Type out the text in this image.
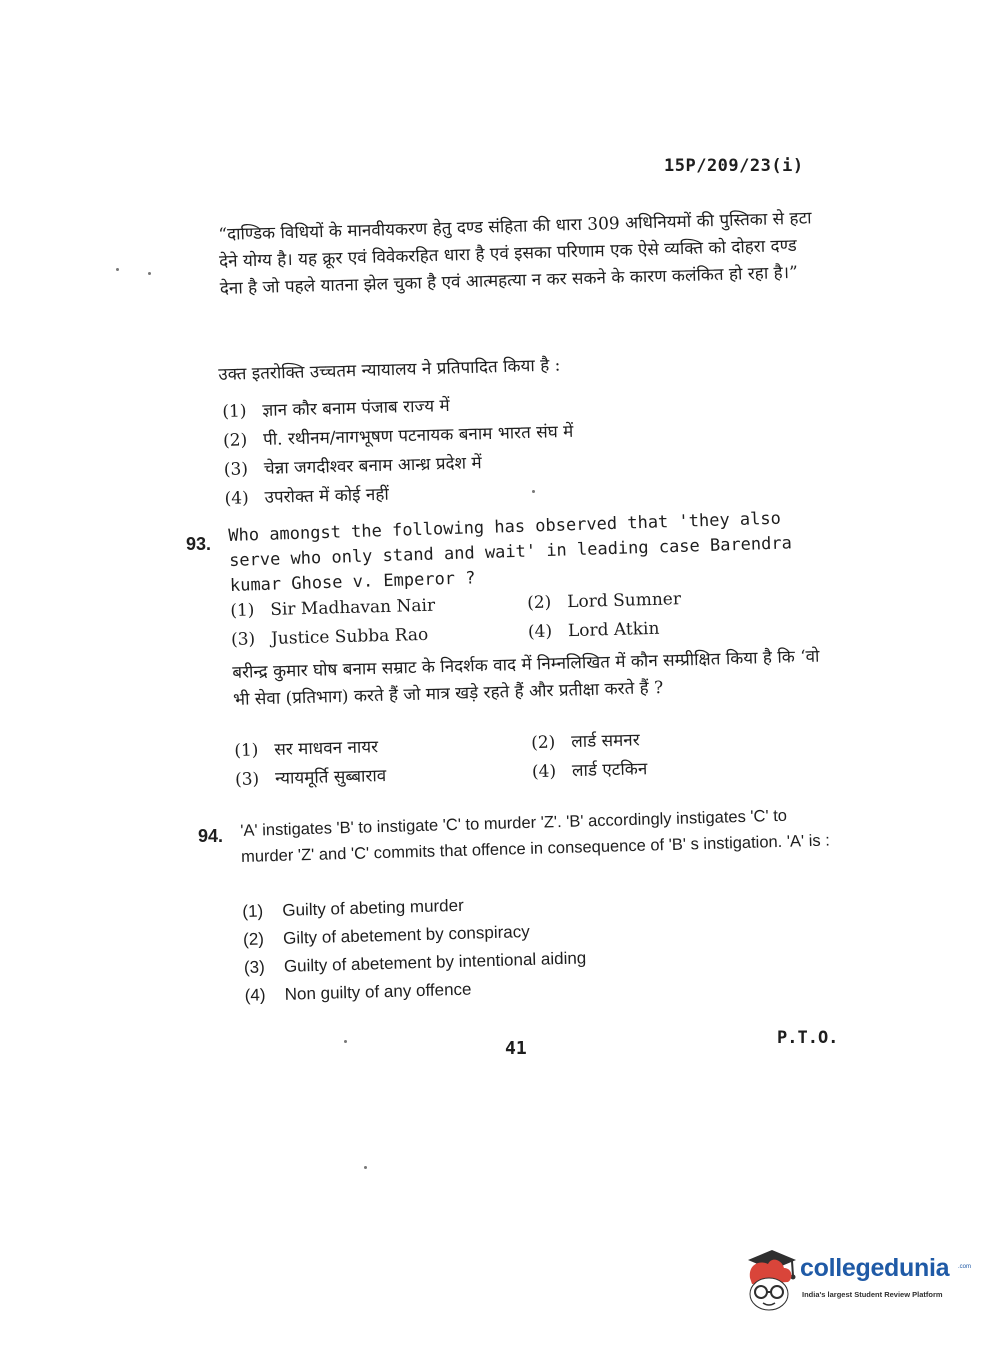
15P/209/23(i)
“दाण्डिक विधियों के मानवीयकरण हेतु दण्ड संहिता की धारा 309 अधिनियमों की पुस्तिका से हटा देने योग्य है। यह क्रूर एवं विवेकरहित धारा है एवं इसका परिणाम एक ऐसे व्यक्ति को दोहरा दण्ड देना है जो पहले यातना झेल चुका है एवं आत्महत्या न कर सकने के कारण कलंकित हो रहा है।”
उक्त इतरोक्ति उच्चतम न्यायालय ने प्रतिपादित किया है :
(1) ज्ञान कौर बनाम पंजाब राज्य में
(2) पी. रथीनम/नागभूषण पटनायक बनाम भारत संघ में
(3) चेन्ना जगदीश्वर बनाम आन्ध्र प्रदेश में
(4) उपरोक्त में कोई नहीं
93. Who amongst the following has observed that 'they also serve who only stand and wait' in leading case Barendra kumar Ghose v. Emperor ?
(1) Sir Madhavan Nair	(2) Lord Sumner
(3) Justice Subba Rao	(4) Lord Atkin
बरीन्द्र कुमार घोष बनाम सम्राट के निदर्शक वाद में निम्नलिखित में कौन सम्प्रीक्षित किया है कि ‘वो भी सेवा (प्रतिभाग) करते हैं जो मात्र खड़े रहते हैं और प्रतीक्षा करते हैं ?
(1) सर माधवन नायर	(2) लार्ड समनर
(3) न्यायमूर्ति सुब्बाराव	(4) लार्ड एटकिन
94. 'A' instigates 'B' to instigate 'C' to murder 'Z'. 'B' accordingly instigates 'C' to murder 'Z' and 'C' commits that offence in consequence of 'B' s instigation. 'A' is :
(1) Guilty of abeting murder
(2) Gilty of abetement by conspiracy
(3) Guilty of abetement by intentional aiding
(4) Non guilty of any offence
41	P.T.O.
collegedunia .com
India's largest Student Review Platform
